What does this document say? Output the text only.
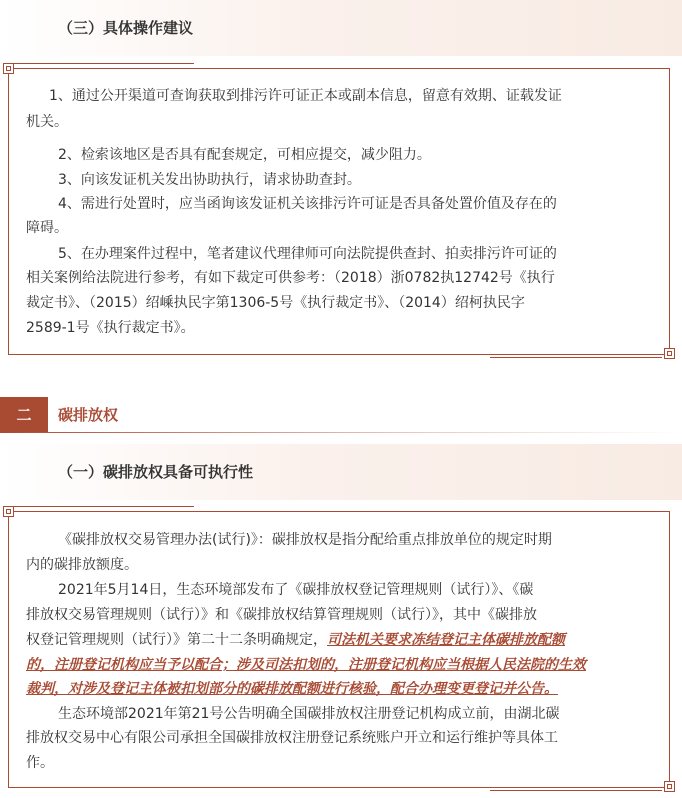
（三）具体操作建议
1、通过公开渠道可查询获取到排污许可证正本或副本信息，留意有效期、证载发证
机关。
2、检索该地区是否具有配套规定，可相应提交，减少阻力。
3、向该发证机关发出协助执行，请求协助查封。
4、需进行处置时，应当函询该发证机关该排污许可证是否具备处置价值及存在的
障碍。
5、在办理案件过程中，笔者建议代理律师可向法院提供查封、拍卖排污许可证的
相关案例给法院进行参考，有如下裁定可供参考：（2018）浙0782执12742号《执行
裁定书》、（2015）绍嵊执民字第1306-5号《执行裁定书》、（2014）绍柯执民字
2589-1号《执行裁定书》。
二	碳排放权
（一）碳排放权具备可执行性
《碳排放权交易管理办法(试行)》：碳排放权是指分配给重点排放单位的规定时期
内的碳排放额度。
2021年5月14日，生态环境部发布了《碳排放权登记管理规则（试行）》、《碳
排放权交易管理规则（试行）》和《碳排放权结算管理规则（试行）》，其中《碳排放
权登记管理规则（试行）》第二十二条明确规定，司法机关要求冻结登记主体碳排放配额
的，注册登记机构应当予以配合；涉及司法扣划的，注册登记机构应当根据人民法院的生效
裁判，对涉及登记主体被扣划部分的碳排放配额进行核验，配合办理变更登记并公告。
生态环境部2021年第21号公告明确全国碳排放权注册登记机构成立前，由湖北碳
排放权交易中心有限公司承担全国碳排放权注册登记系统账户开立和运行维护等具体工
作。
